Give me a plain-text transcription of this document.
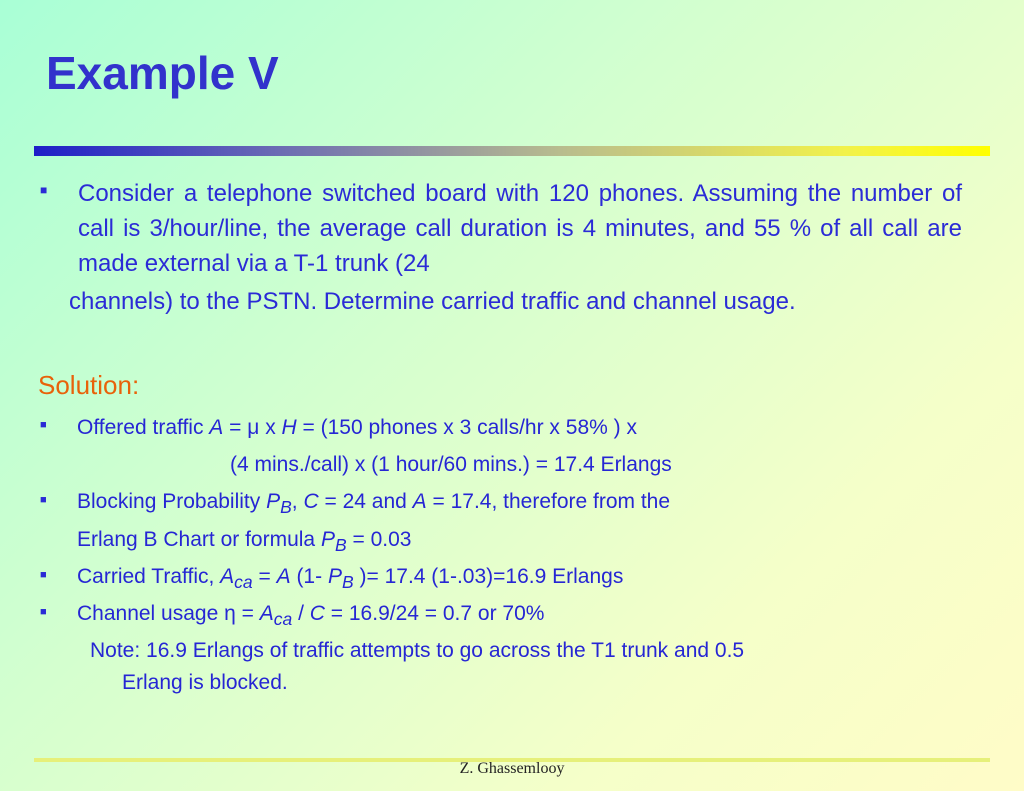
Example V
■ Consider a telephone switched board with 120 phones. Assuming the number of call is 3/hour/line, the average call duration is 4 minutes, and 55 % of all call are made external via a T-1 trunk (24
channels) to the PSTN. Determine carried traffic and channel usage.
Solution:
■ Offered traffic A = μ x H = (150 phones x 3 calls/hr x 58% ) x
(4 mins./call) x (1 hour/60 mins.) = 17.4 Erlangs
■ Blocking Probability $P_B$, C = 24 and A = 17.4, therefore from the
Erlang B Chart or formula $P_B = 0.03$
■ Carried Traffic, $A_{ca} = A$ (1- $P_B$ )= 17.4 (1-.03)=16.9 Erlangs
■ Channel usage $\eta = A_{ca} / C = 16.9/24 = 0.7$ or 70%
Note: 16.9 Erlangs of traffic attempts to go across the T1 trunk and 0.5
Erlang is blocked.
Z. Ghassemlooy
